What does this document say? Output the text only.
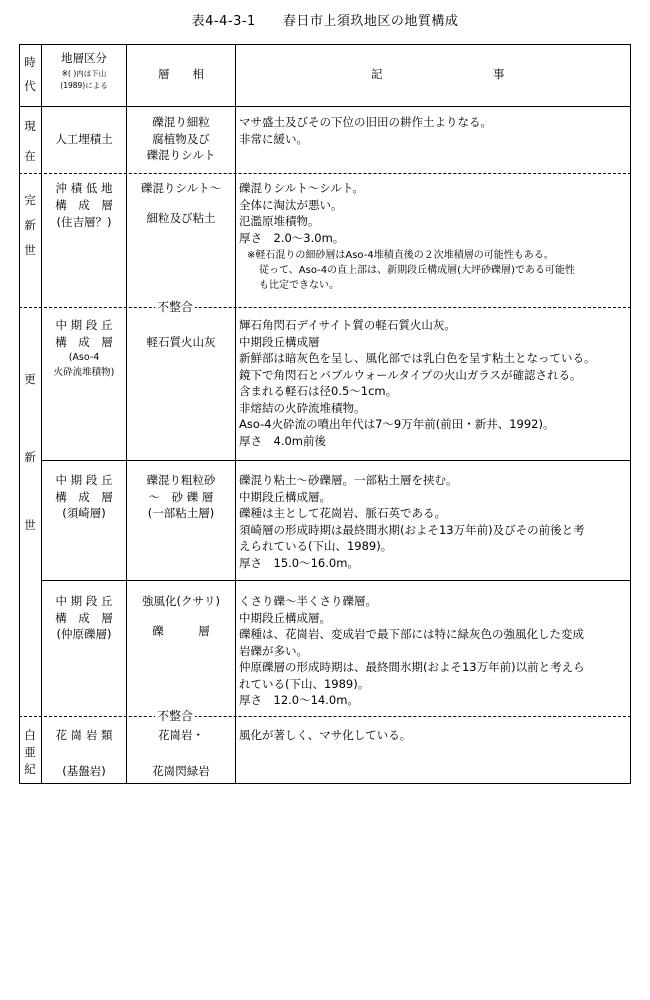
表4-4-3-1　　春日市上須玖地区の地質構成
時
代
地層区分
※( )内は下山
(1989)による
層　　相	記	事
現
在
完
新
世
更
新
世
白
亜
紀
人工埋積土
礫混り細粒
腐植物及び
礫混りシルト
マサ盛土及びその下位の旧田の耕作土よりなる。
非常に緩い。
沖 積 低 地
構　成　層
(住吉層？)
礫混りシルト～
細粒及び粘土
礫混りシルト～シルト。
全体に淘汰が悪い。
氾濫原堆積物。
厚さ　2.0～3.0m。
※軽石混りの細砂層はAso-4堆積直後の２次堆積層の可能性もある。
従って、Aso-4の直上部は、新期段丘構成層(大坪砂礫層)である可能性
も比定できない。
不整合
中 期 段 丘
構　成　層
(Aso-4
火砕流堆積物)
軽石質火山灰
輝石角閃石デイサイト質の軽石質火山灰。
中期段丘構成層
新鮮部は暗灰色を呈し、風化部では乳白色を呈す粘土となっている。
鏡下で角閃石とバブルウォールタイプの火山ガラスが確認される。
含まれる軽石は径0.5～1cm。
非熔結の火砕流堆積物。
Aso-4火砕流の噴出年代は7～9万年前(前田・新井、1992)。
厚さ　4.0m前後
中 期 段 丘
構　成　層
(須崎層)
礫混り粗粒砂
～　砂 礫 層
(一部粘土層)
礫混り粘土～砂礫層。一部粘土層を挟む。
中期段丘構成層。
礫種は主として花崗岩、脈石英である。
須崎層の形成時期は最終間氷期(およそ13万年前)及びその前後と考
えられている(下山、1989)。
厚さ　15.0～16.0m。
中 期 段 丘
構　成　層
(仲原礫層)
強風化(クサリ)
礫　　　層
くさり礫～半くさり礫層。
中期段丘構成層。
礫種は、花崗岩、変成岩で最下部には特に緑灰色の強風化した変成
岩礫が多い。
仲原礫層の形成時期は、最終間氷期(およそ13万年前)以前と考えら
れている(下山、1989)。
厚さ　12.0～14.0m。
不整合
花 崗 岩 類
(基盤岩)
花崗岩・
花崗閃緑岩
風化が著しく、マサ化している。
